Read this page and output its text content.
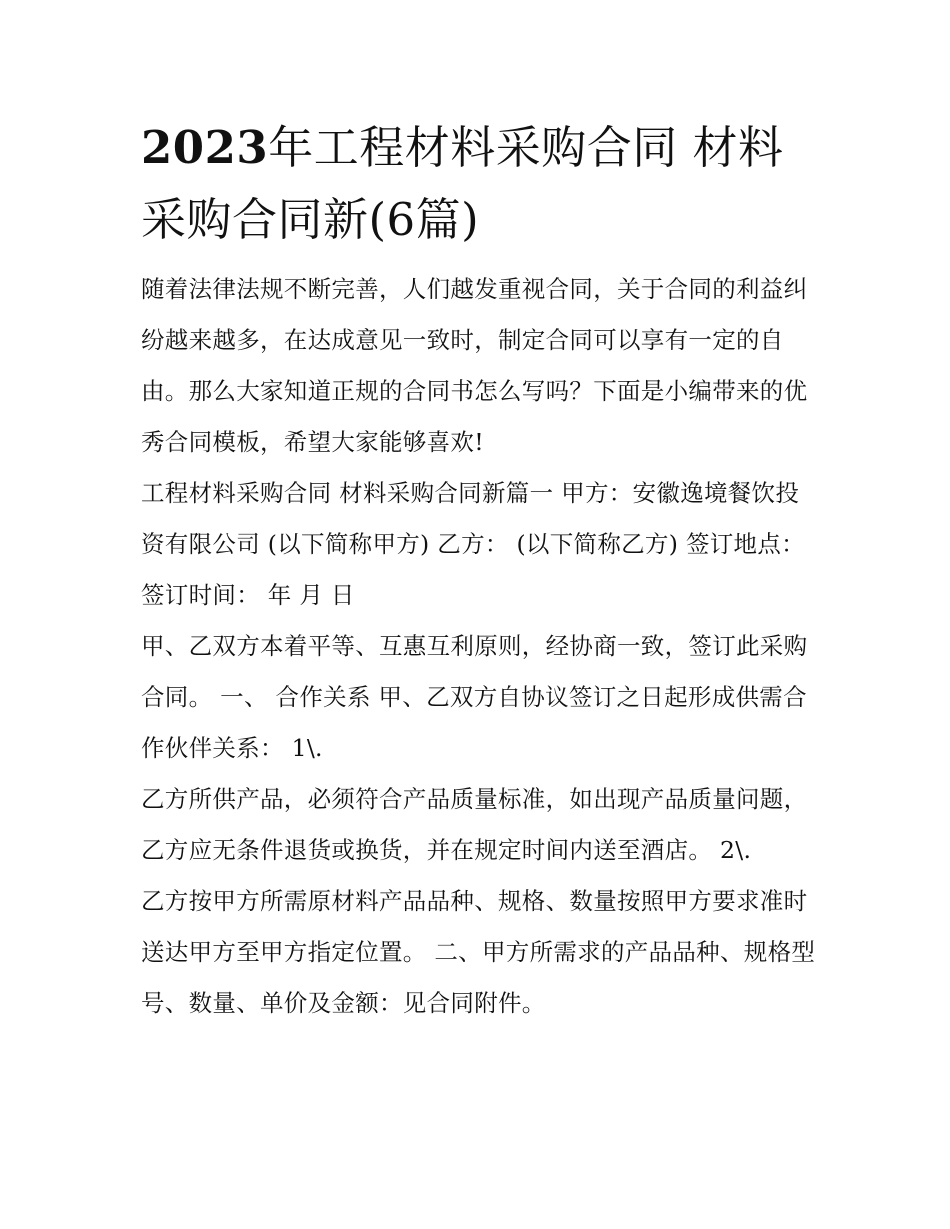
2023年工程材料采购合同 材料采购合同新(6篇)

随着法律法规不断完善，人们越发重视合同，关于合同的利益纠纷越来越多，在达成意见一致时，制定合同可以享有一定的自由。那么大家知道正规的合同书怎么写吗？下面是小编带来的优秀合同模板，希望大家能够喜欢!

工程材料采购合同 材料采购合同新篇一 甲方：安徽逸境餐饮投资有限公司 (以下简称甲方) 乙方： (以下简称乙方) 签订地点： 签订时间： 年 月 日

甲、乙双方本着平等、互惠互利原则，经协商一致，签订此采购合同。 一、 合作关系 甲、乙双方自协议签订之日起形成供需合作伙伴关系： 1\.

乙方所供产品，必须符合产品质量标准，如出现产品质量问题，乙方应无条件退货或换货，并在规定时间内送至酒店。 2\.

乙方按甲方所需原材料产品品种、规格、数量按照甲方要求准时送达甲方至甲方指定位置。 二、甲方所需求的产品品种、规格型号、数量、单价及金额：见合同附件。
